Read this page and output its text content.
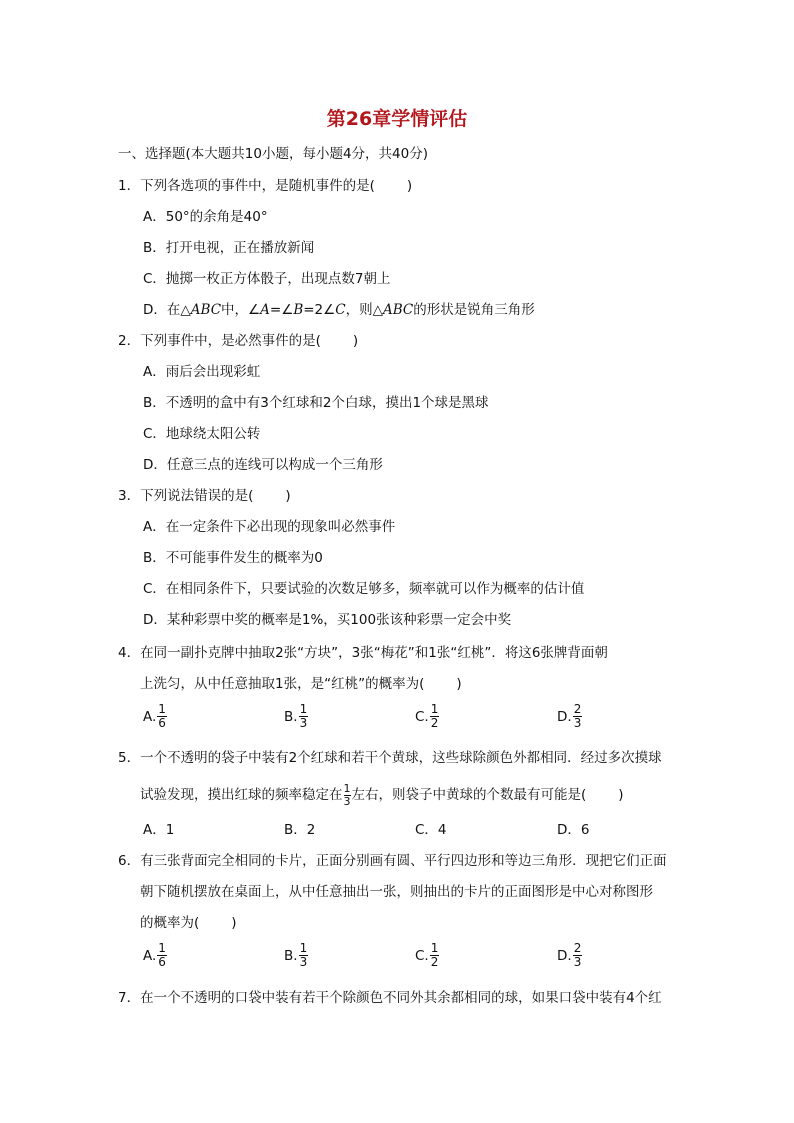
第26章学情评估
一、选择题(本大题共10小题，每小题4分，共40分)
1．下列各选项的事件中，是随机事件的是( )
A．50°的余角是40°
B．打开电视，正在播放新闻
C．抛掷一枚正方体骰子，出现点数7朝上
D．在△ABC中，∠A=∠B=2∠C，则△ABC的形状是锐角三角形
2．下列事件中，是必然事件的是( )
A．雨后会出现彩虹
B．不透明的盒中有3个红球和2个白球，摸出1个球是黑球
C．地球绕太阳公转
D．任意三点的连线可以构成一个三角形
3．下列说法错误的是( )
A．在一定条件下必出现的现象叫必然事件
B．不可能事件发生的概率为0
C．在相同条件下，只要试验的次数足够多，频率就可以作为概率的估计值
D．某种彩票中奖的概率是1%，买100张该种彩票一定会中奖
4．在同一副扑克牌中抽取2张“方块”，3张“梅花”和1张“红桃”．将这6张牌背面朝
上洗匀，从中任意抽取1张，是“红桃”的概率为( )
A. $\frac{1}{6}$	B. $\frac{1}{3}$	C. $\frac{1}{2}$	D. $\frac{2}{3}$
5．一个不透明的袋子中装有2个红球和若干个黄球，这些球除颜色外都相同．经过多次摸球
试验发现，摸出红球的频率稳定在 $\frac{1}{3}$ 左右，则袋子中黄球的个数最有可能是( )
A．1	B．2	C．4	D．6
6．有三张背面完全相同的卡片，正面分别画有圆、平行四边形和等边三角形．现把它们正面
朝下随机摆放在桌面上，从中任意抽出一张，则抽出的卡片的正面图形是中心对称图形
的概率为( )
A. $\frac{1}{6}$	B. $\frac{1}{3}$	C. $\frac{1}{2}$	D. $\frac{2}{3}$
7．在一个不透明的口袋中装有若干个除颜色不同外其余都相同的球，如果口袋中装有4个红
